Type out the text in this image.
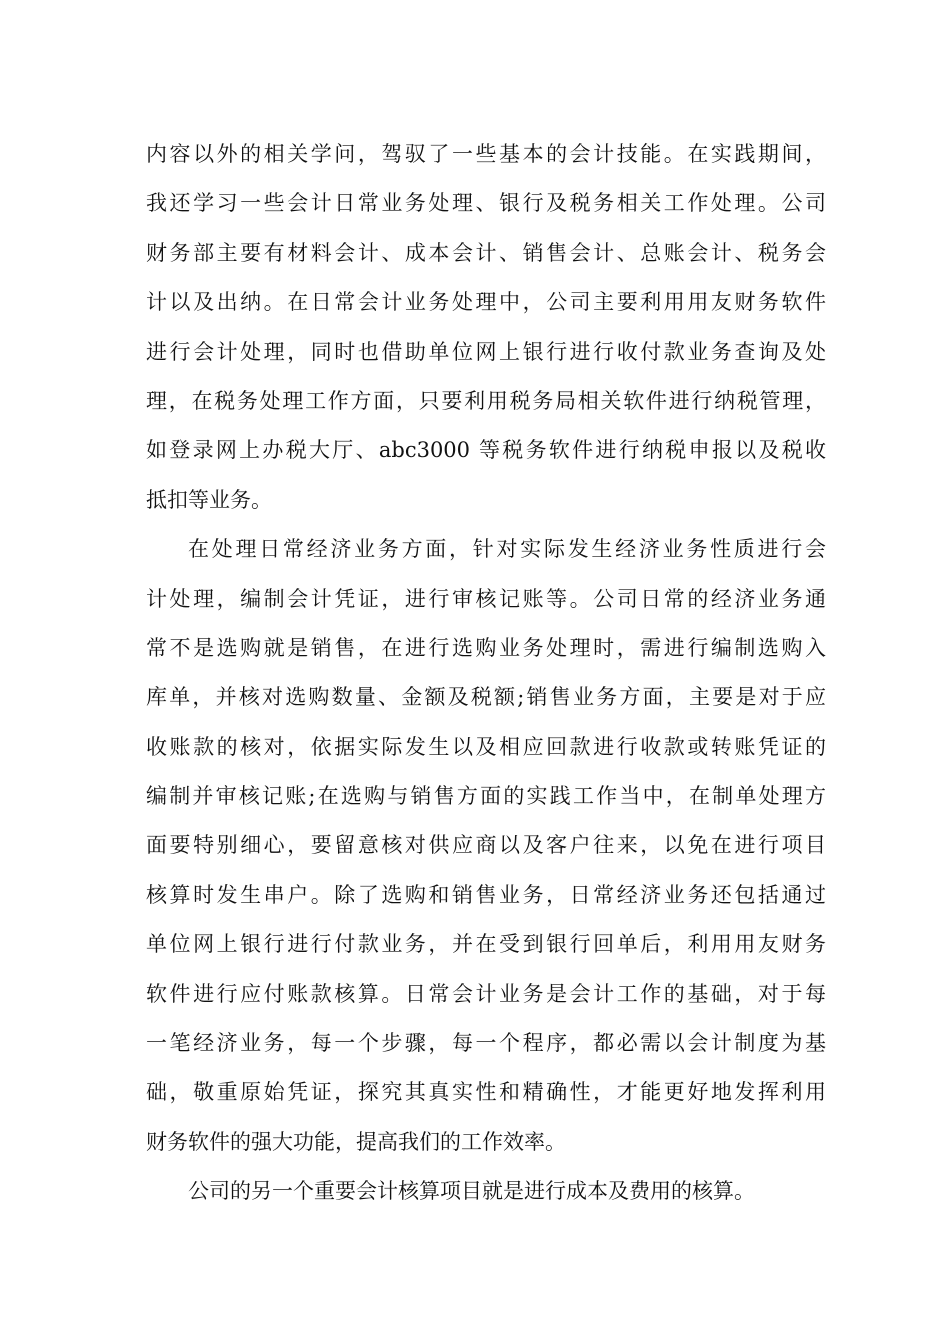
内容以外的相关学问，驾驭了一些基本的会计技能。在实践期间，
我还学习一些会计日常业务处理、银行及税务相关工作处理。公司
财务部主要有材料会计、成本会计、销售会计、总账会计、税务会
计以及出纳。在日常会计业务处理中，公司主要利用用友财务软件
进行会计处理，同时也借助单位网上银行进行收付款业务查询及处
理，在税务处理工作方面，只要利用税务局相关软件进行纳税管理，
如登录网上办税大厅、abc3000 等税务软件进行纳税申报以及税收
抵扣等业务。
在处理日常经济业务方面，针对实际发生经济业务性质进行会
计处理，编制会计凭证，进行审核记账等。公司日常的经济业务通
常不是选购就是销售，在进行选购业务处理时，需进行编制选购入
库单，并核对选购数量、金额及税额;销售业务方面，主要是对于应
收账款的核对，依据实际发生以及相应回款进行收款或转账凭证的
编制并审核记账;在选购与销售方面的实践工作当中，在制单处理方
面要特别细心，要留意核对供应商以及客户往来，以免在进行项目
核算时发生串户。除了选购和销售业务，日常经济业务还包括通过
单位网上银行进行付款业务，并在受到银行回单后，利用用友财务
软件进行应付账款核算。日常会计业务是会计工作的基础，对于每
一笔经济业务，每一个步骤，每一个程序，都必需以会计制度为基
础，敬重原始凭证，探究其真实性和精确性，才能更好地发挥利用
财务软件的强大功能，提高我们的工作效率。
公司的另一个重要会计核算项目就是进行成本及费用的核算。
